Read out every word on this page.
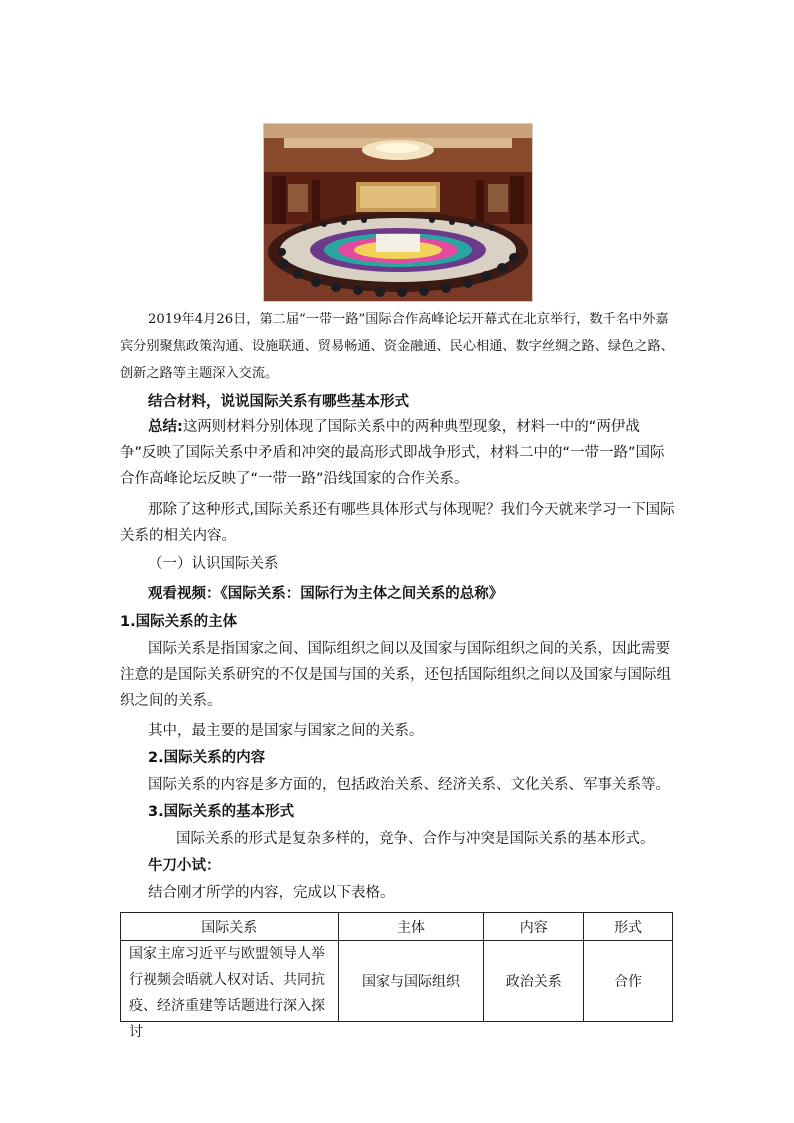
2019年4月26日，第二届“一带一路”国际合作高峰论坛开幕式在北京举行，数千名中外嘉宾分别聚焦政策沟通、设施联通、贸易畅通、资金融通、民心相通、数字丝绸之路、绿色之路、创新之路等主题深入交流。

结合材料，说说国际关系有哪些基本形式

总结:这两则材料分别体现了国际关系中的两种典型现象，材料一中的“两伊战争”反映了国际关系中矛盾和冲突的最高形式即战争形式，材料二中的“一带一路”国际合作高峰论坛反映了“一带一路”沿线国家的合作关系。

那除了这种形式,国际关系还有哪些具体形式与体现呢？我们今天就来学习一下国际关系的相关内容。

（一）认识国际关系

观看视频：《国际关系：国际行为主体之间关系的总称》

1.国际关系的主体

国际关系是指国家之间、国际组织之间以及国家与国际组织之间的关系，因此需要注意的是国际关系研究的不仅是国与国的关系，还包括国际组织之间以及国家与国际组织之间的关系。

其中，最主要的是国家与国家之间的关系。

2.国际关系的内容

国际关系的内容是多方面的，包括政治关系、经济关系、文化关系、军事关系等。

3.国际关系的基本形式

国际关系的形式是复杂多样的，竞争、合作与冲突是国际关系的基本形式。

牛刀小试：

结合刚才所学的内容，完成以下表格。

国际关系	主体	内容	形式

国家主席习近平与欧盟领导人举行视频会晤就人权对话、共同抗疫、经济重建等话题进行深入探讨	国家与国际组织	政治关系	合作
